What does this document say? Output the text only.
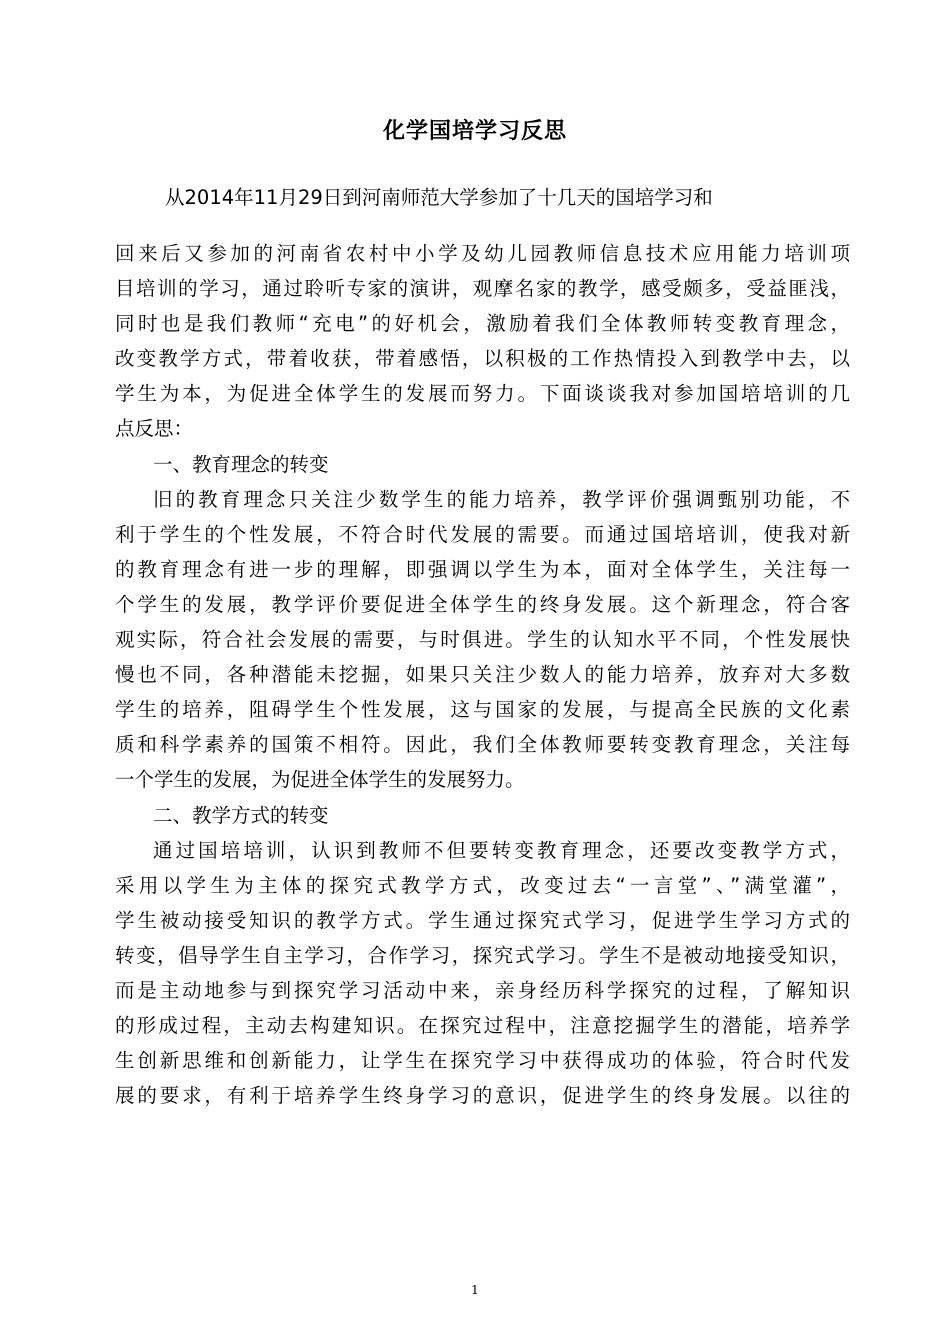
化学国培学习反思
从2014年11月29日到河南师范大学参加了十几天的国培学习和
回来后又参加的河南省农村中小学及幼儿园教师信息技术应用能力培训项
目培训的学习，通过聆听专家的演讲，观摩名家的教学，感受颇多，受益匪浅，
同时也是我们教师“充电”的好机会，激励着我们全体教师转变教育理念，
改变教学方式，带着收获，带着感悟，以积极的工作热情投入到教学中去，以
学生为本，为促进全体学生的发展而努力。下面谈谈我对参加国培培训的几
点反思：
一、教育理念的转变
旧的教育理念只关注少数学生的能力培养，教学评价强调甄别功能，不
利于学生的个性发展，不符合时代发展的需要。而通过国培培训，使我对新
的教育理念有进一步的理解，即强调以学生为本，面对全体学生，关注每一
个学生的发展，教学评价要促进全体学生的终身发展。这个新理念，符合客
观实际，符合社会发展的需要，与时俱进。学生的认知水平不同，个性发展快
慢也不同，各种潜能未挖掘，如果只关注少数人的能力培养，放弃对大多数
学生的培养，阻碍学生个性发展，这与国家的发展，与提高全民族的文化素
质和科学素养的国策不相符。因此，我们全体教师要转变教育理念，关注每
一个学生的发展，为促进全体学生的发展努力。
二、教学方式的转变
通过国培培训，认识到教师不但要转变教育理念，还要改变教学方式，
采用以学生为主体的探究式教学方式，改变过去“一言堂”、”满堂灌”，
学生被动接受知识的教学方式。学生通过探究式学习，促进学生学习方式的
转变，倡导学生自主学习，合作学习，探究式学习。学生不是被动地接受知识，
而是主动地参与到探究学习活动中来，亲身经历科学探究的过程，了解知识
的形成过程，主动去构建知识。在探究过程中，注意挖掘学生的潜能，培养学
生创新思维和创新能力，让学生在探究学习中获得成功的体验，符合时代发
展的要求，有利于培养学生终身学习的意识，促进学生的终身发展。以往的
1
